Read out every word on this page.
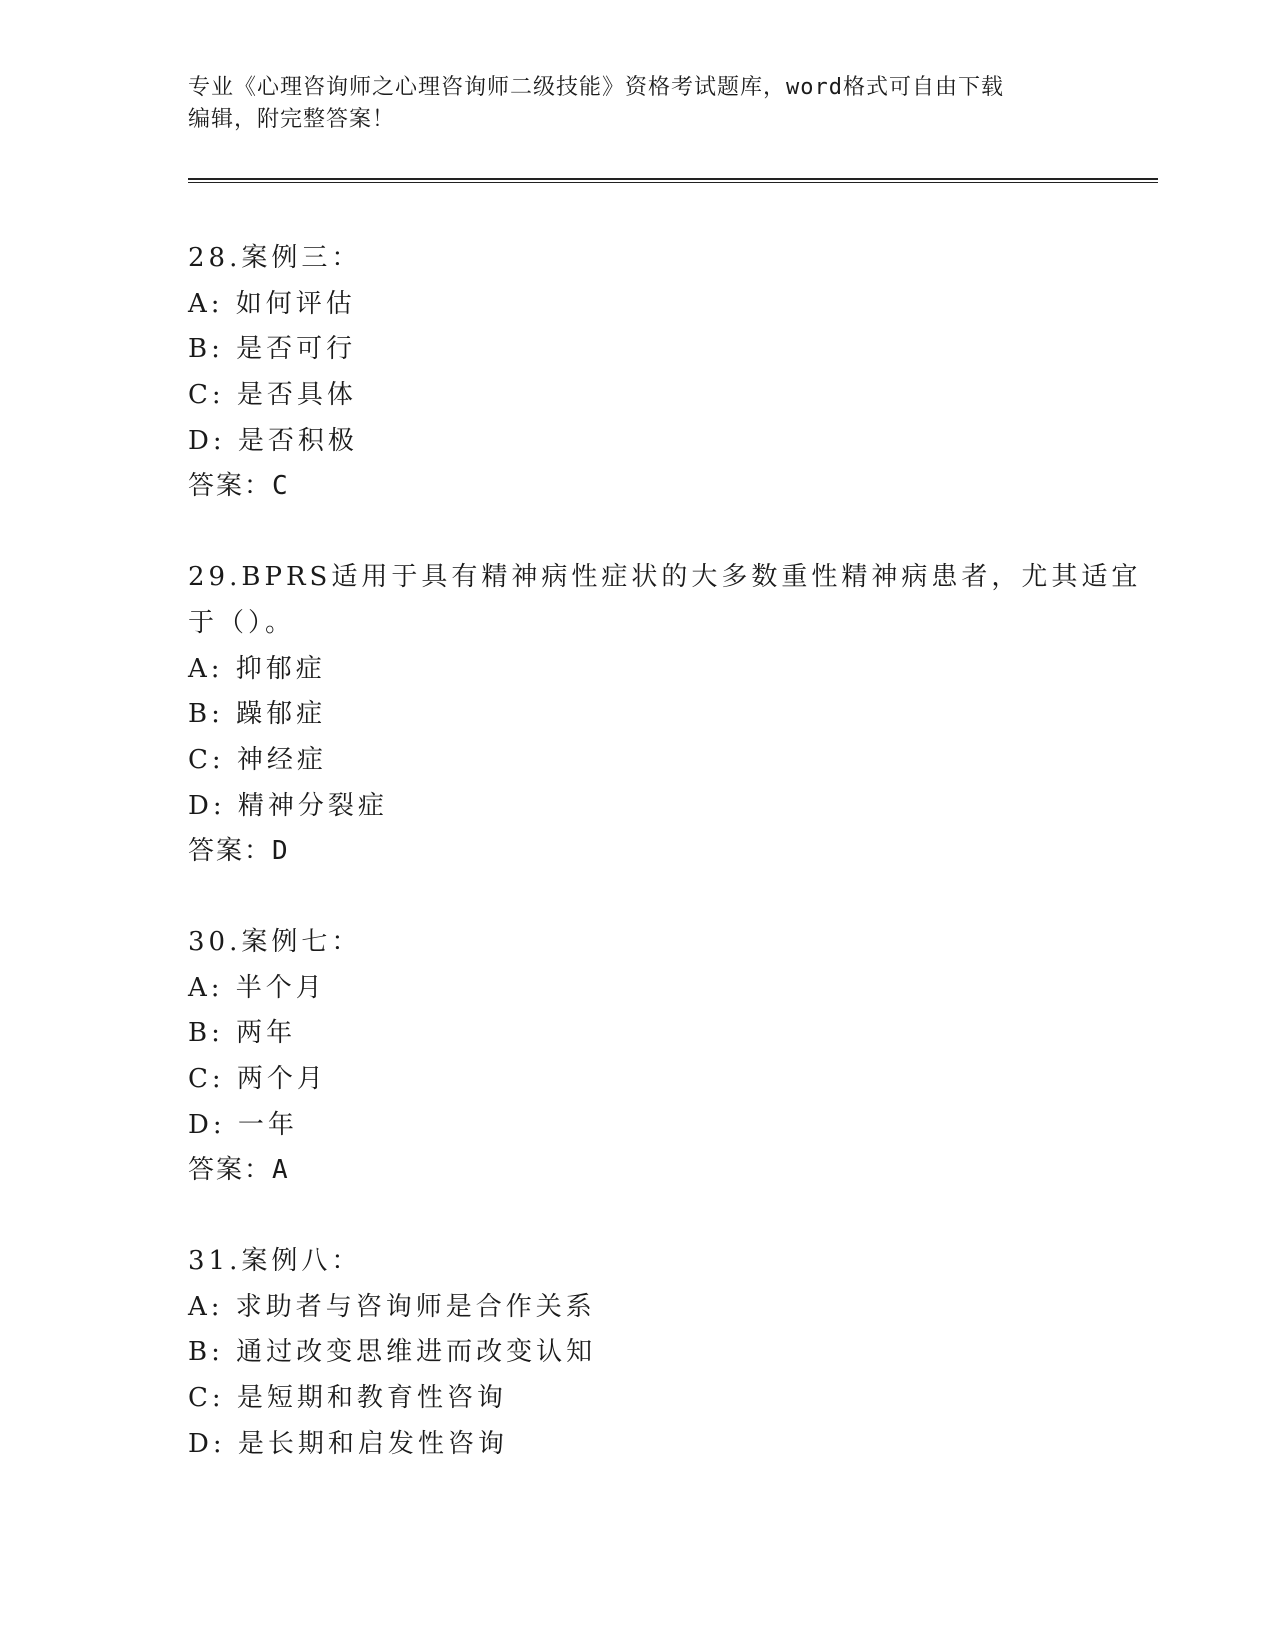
专业《心理咨询师之心理咨询师二级技能》资格考试题库，word格式可自由下载
编辑，附完整答案！
28.案例三：
A: 如何评估
B: 是否可行
C: 是否具体
D: 是否积极
答案：C
29.BPRS适用于具有精神病性症状的大多数重性精神病患者，尤其适宜
于（）。
A: 抑郁症
B: 躁郁症
C: 神经症
D: 精神分裂症
答案：D
30.案例七：
A: 半个月
B: 两年
C: 两个月
D: 一年
答案：A
31.案例八：
A: 求助者与咨询师是合作关系
B: 通过改变思维进而改变认知
C: 是短期和教育性咨询
D: 是长期和启发性咨询
